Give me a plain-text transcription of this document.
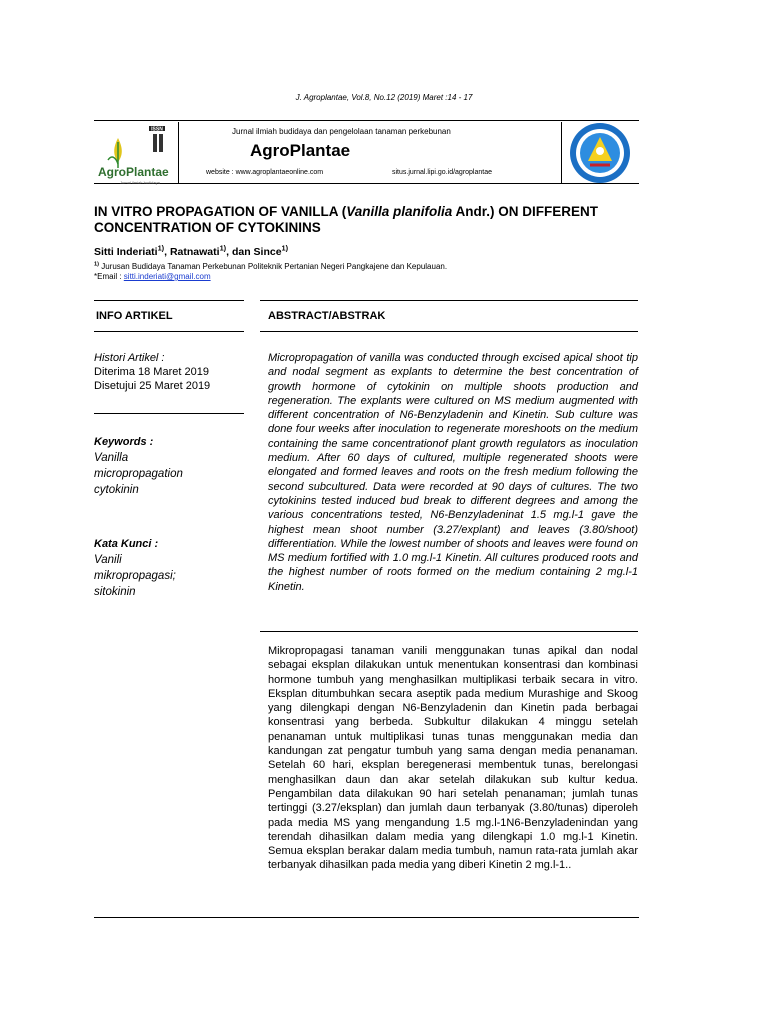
J. Agroplantae, Vol.8, No.12 (2019) Maret :14 - 17
ISSN
AgroPlantae
Jurnal ilmiah budidaya
Jurnal ilmiah budidaya dan pengelolaan tanaman perkebunan
AgroPlantae
website : www.agroplantaeonline.com	situs.jurnal.lipi.go.id/agroplantae
IN VITRO PROPAGATION OF VANILLA (Vanilla planifolia Andr.) ON DIFFERENT CONCENTRATION OF CYTOKININS
Sitti Inderiati$^{1)}$, Ratnawati$^{1)}$, dan Since$^{1)}$
$^{1)}$ Jurusan Budidaya Tanaman Perkebunan Politeknik Pertanian Negeri Pangkajene dan Kepulauan.
*Email : sitti.inderiati@gmail.com
INFO ARTIKEL	ABSTRACT/ABSTRAK
Histori Artikel :
Diterima 18 Maret 2019
Disetujui 25 Maret 2019
Keywords :
Vanilla
micropropagation
cytokinin
Kata Kunci :
Vanili
mikropropagasi;
sitokinin

Micropropagation of vanilla was conducted through excised apical shoot tip and nodal segment as explants to determine the best concentration of growth hormone of cytokinin on multiple shoots production and regeneration. The explants were cultured on MS medium augmented with different concentration of N6-Benzyladenin and Kinetin. Sub culture was done four weeks after inoculation to regenerate moreshoots on the medium containing the same concentrationof plant growth regulators as inoculation medium. After 60 days of cultured, multiple regenerated shoots were elongated and formed leaves and roots on the fresh medium following the second subcultured. Data were recorded at 90 days of cultures. The two cytokinins tested induced bud break to different degrees and among the various concentrations tested, N6-Benzyladeninat 1.5 mg.l-1 gave the highest mean shoot number (3.27/explant) and leaves (3.80/shoot) differentiation. While the lowest number of shoots and leaves were found on MS medium fortified with 1.0 mg.l-1 Kinetin. All cultures produced roots and the highest number of roots formed on the medium containing 2 mg.l-1 Kinetin.

Mikropropagasi tanaman vanili menggunakan tunas apikal dan nodal sebagai eksplan dilakukan untuk menentukan konsentrasi dan kombinasi hormone tumbuh yang menghasilkan multiplikasi terbaik secara in vitro. Eksplan ditumbuhkan secara aseptik pada medium Murashige and Skoog yang dilengkapi dengan N6-Benzyladenin dan Kinetin pada berbagai konsentrasi yang berbeda. Subkultur dilakukan 4 minggu setelah penanaman untuk multiplikasi tunas tunas menggunakan media dan kandungan zat pengatur tumbuh yang sama dengan media penanaman. Setelah 60 hari, eksplan beregenerasi membentuk tunas, berelongasi menghasilkan daun dan akar setelah dilakukan sub kultur kedua. Pengambilan data dilakukan 90 hari setelah penanaman; jumlah tunas tertinggi (3.27/eksplan) dan jumlah daun terbanyak (3.80/tunas) diperoleh pada media MS yang mengandung 1.5 mg.l-1N6-Benzyladenindan yang terendah dihasilkan dalam media yang dilengkapi 1.0 mg.l-1 Kinetin. Semua eksplan berakar dalam media tumbuh, namun rata-rata jumlah akar terbanyak dihasilkan pada media yang diberi Kinetin 2 mg.l-1..
